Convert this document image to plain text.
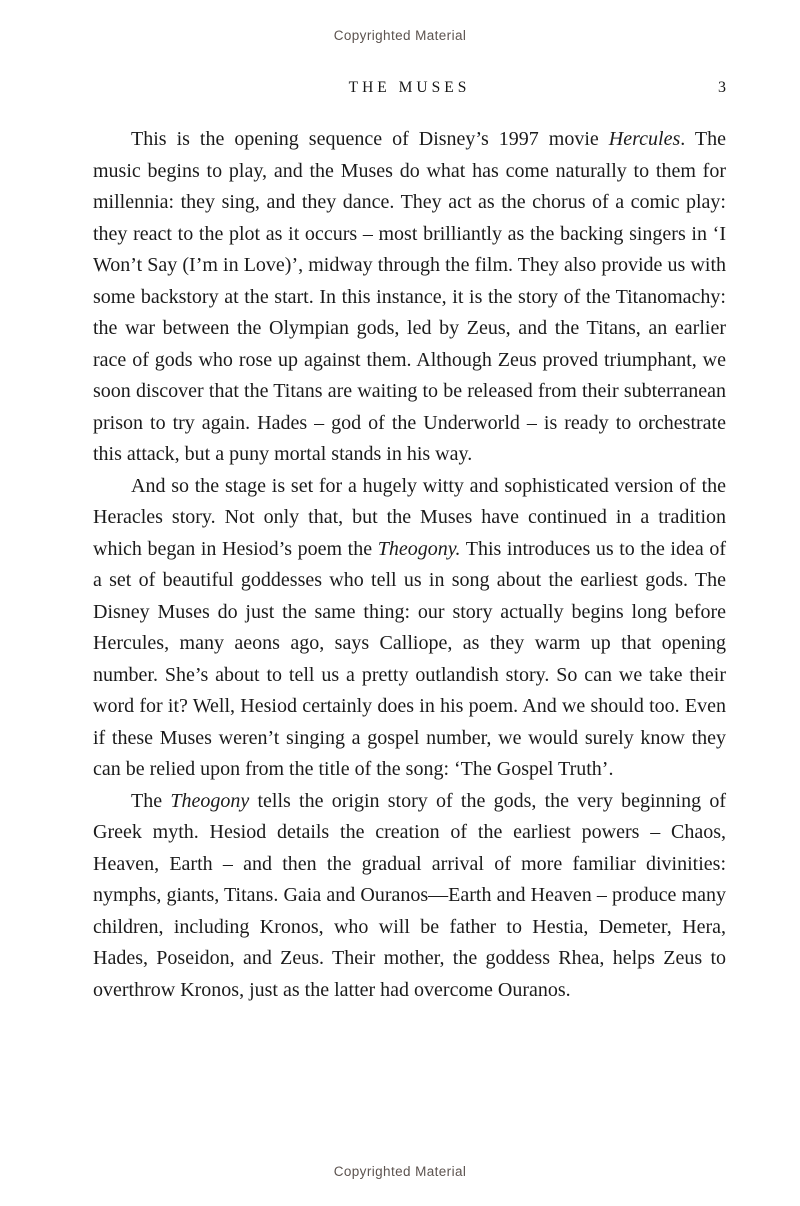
Copyrighted Material
THE MUSES	3

This is the opening sequence of Disney’s 1997 movie Hercules. The music begins to play, and the Muses do what has come naturally to them for millennia: they sing, and they dance. They act as the chorus of a comic play: they react to the plot as it occurs – most brilliantly as the backing singers in ‘I Won’t Say (I’m in Love)’, midway through the film. They also provide us with some backstory at the start. In this instance, it is the story of the Titanomachy: the war between the Olympian gods, led by Zeus, and the Titans, an earlier race of gods who rose up against them. Although Zeus proved triumphant, we soon discover that the Titans are waiting to be released from their subterranean prison to try again. Hades – god of the Underworld – is ready to orchestrate this attack, but a puny mortal stands in his way.

And so the stage is set for a hugely witty and sophisticated version of the Heracles story. Not only that, but the Muses have continued in a tradition which began in Hesiod’s poem the Theogony. This introduces us to the idea of a set of beautiful goddesses who tell us in song about the earliest gods. The Disney Muses do just the same thing: our story actually begins long before Hercules, many aeons ago, says Calliope, as they warm up that opening number. She’s about to tell us a pretty outlandish story. So can we take their word for it? Well, Hesiod certainly does in his poem. And we should too. Even if these Muses weren’t singing a gospel number, we would surely know they can be relied upon from the title of the song: ‘The Gospel Truth’.

The Theogony tells the origin story of the gods, the very beginning of Greek myth. Hesiod details the creation of the earliest powers – Chaos, Heaven, Earth – and then the gradual arrival of more familiar divinities: nymphs, giants, Titans. Gaia and Ouranos—Earth and Heaven – produce many children, including Kronos, who will be father to Hestia, Demeter, Hera, Hades, Poseidon, and Zeus. Their mother, the goddess Rhea, helps Zeus to overthrow Kronos, just as the latter had overcome Ouranos.

Copyrighted Material
